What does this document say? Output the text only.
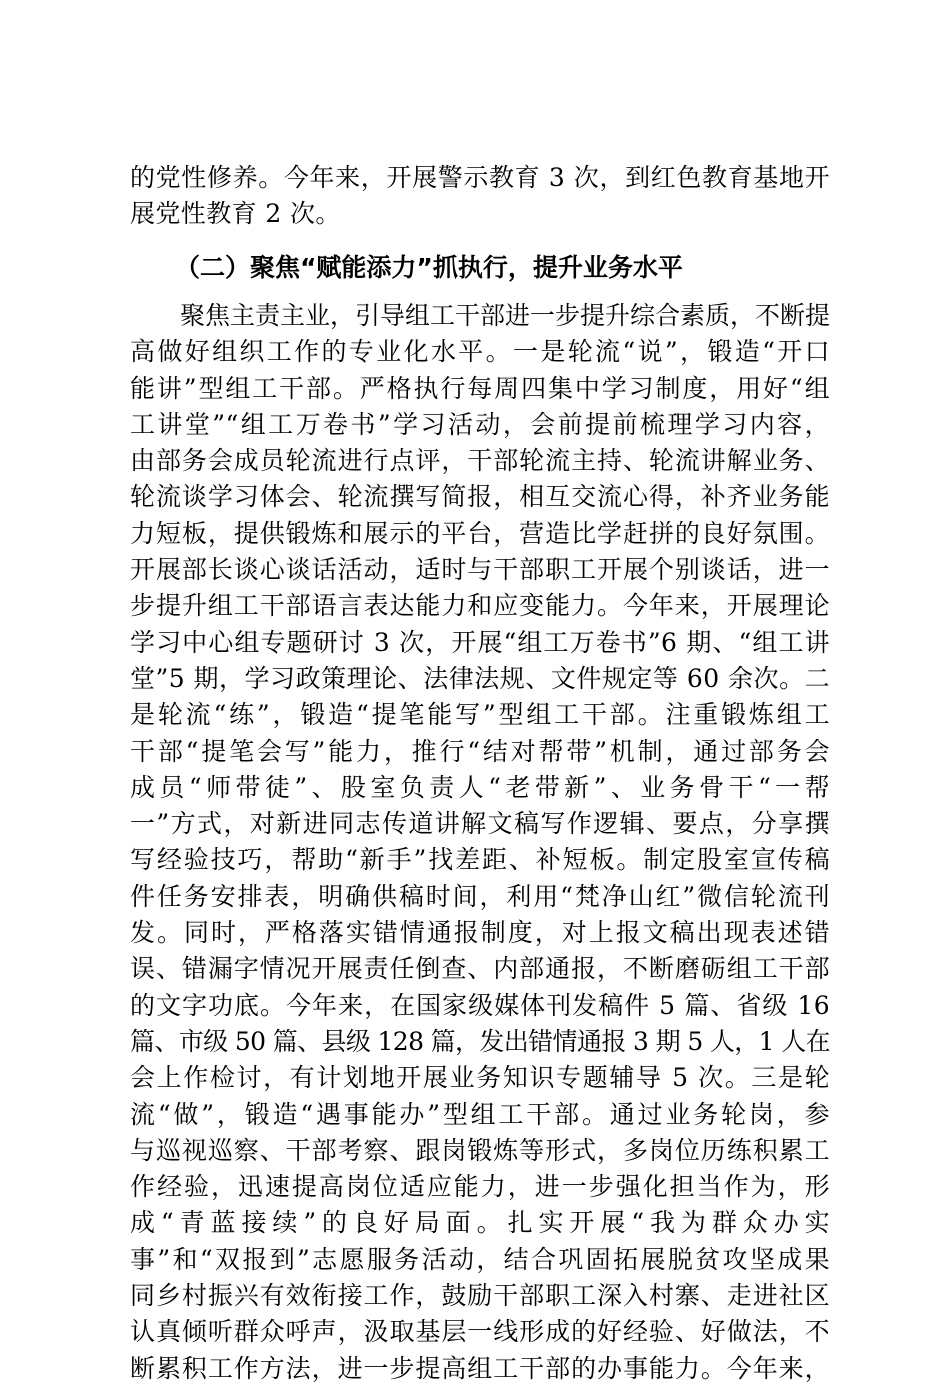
的党性修养。今年来，开展警示教育 3 次，到红色教育基地开
展党性教育 2 次。
（二）聚焦“赋能添力”抓执行，提升业务水平
　　聚焦主责主业，引导组工干部进一步提升综合素质，不断提
高做好组织工作的专业化水平。一是轮流“说”，锻造“开口
能讲”型组工干部。严格执行每周四集中学习制度，用好“组
工讲堂”“组工万卷书”学习活动，会前提前梳理学习内容，
由部务会成员轮流进行点评，干部轮流主持、轮流讲解业务、
轮流谈学习体会、轮流撰写简报，相互交流心得，补齐业务能
力短板，提供锻炼和展示的平台，营造比学赶拼的良好氛围。
开展部长谈心谈话活动，适时与干部职工开展个别谈话，进一
步提升组工干部语言表达能力和应变能力。今年来，开展理论
学习中心组专题研讨 3 次，开展“组工万卷书”6 期、“组工讲
堂”5 期，学习政策理论、法律法规、文件规定等 60 余次。二
是轮流“练”，锻造“提笔能写”型组工干部。注重锻炼组工
干部“提笔会写”能力，推行“结对帮带”机制，通过部务会
成员“师带徒”、股室负责人“老带新”、业务骨干“一帮
一”方式，对新进同志传道讲解文稿写作逻辑、要点，分享撰
写经验技巧，帮助“新手”找差距、补短板。制定股室宣传稿
件任务安排表，明确供稿时间，利用“梵净山红”微信轮流刊
发。同时，严格落实错情通报制度，对上报文稿出现表述错
误、错漏字情况开展责任倒查、内部通报，不断磨砺组工干部
的文字功底。今年来，在国家级媒体刊发稿件 5 篇、省级 16
篇、市级 50 篇、县级 128 篇，发出错情通报 3 期 5 人，1 人在
会上作检讨，有计划地开展业务知识专题辅导 5 次。三是轮
流“做”，锻造“遇事能办”型组工干部。通过业务轮岗，参
与巡视巡察、干部考察、跟岗锻炼等形式，多岗位历练积累工
作经验，迅速提高岗位适应能力，进一步强化担当作为，形
成“青蓝接续”的良好局面。扎实开展“我为群众办实
事”和“双报到”志愿服务活动，结合巩固拓展脱贫攻坚成果
同乡村振兴有效衔接工作，鼓励干部职工深入村寨、走进社区
认真倾听群众呼声，汲取基层一线形成的好经验、好做法，不
断累积工作方法，进一步提高组工干部的办事能力。今年来，
